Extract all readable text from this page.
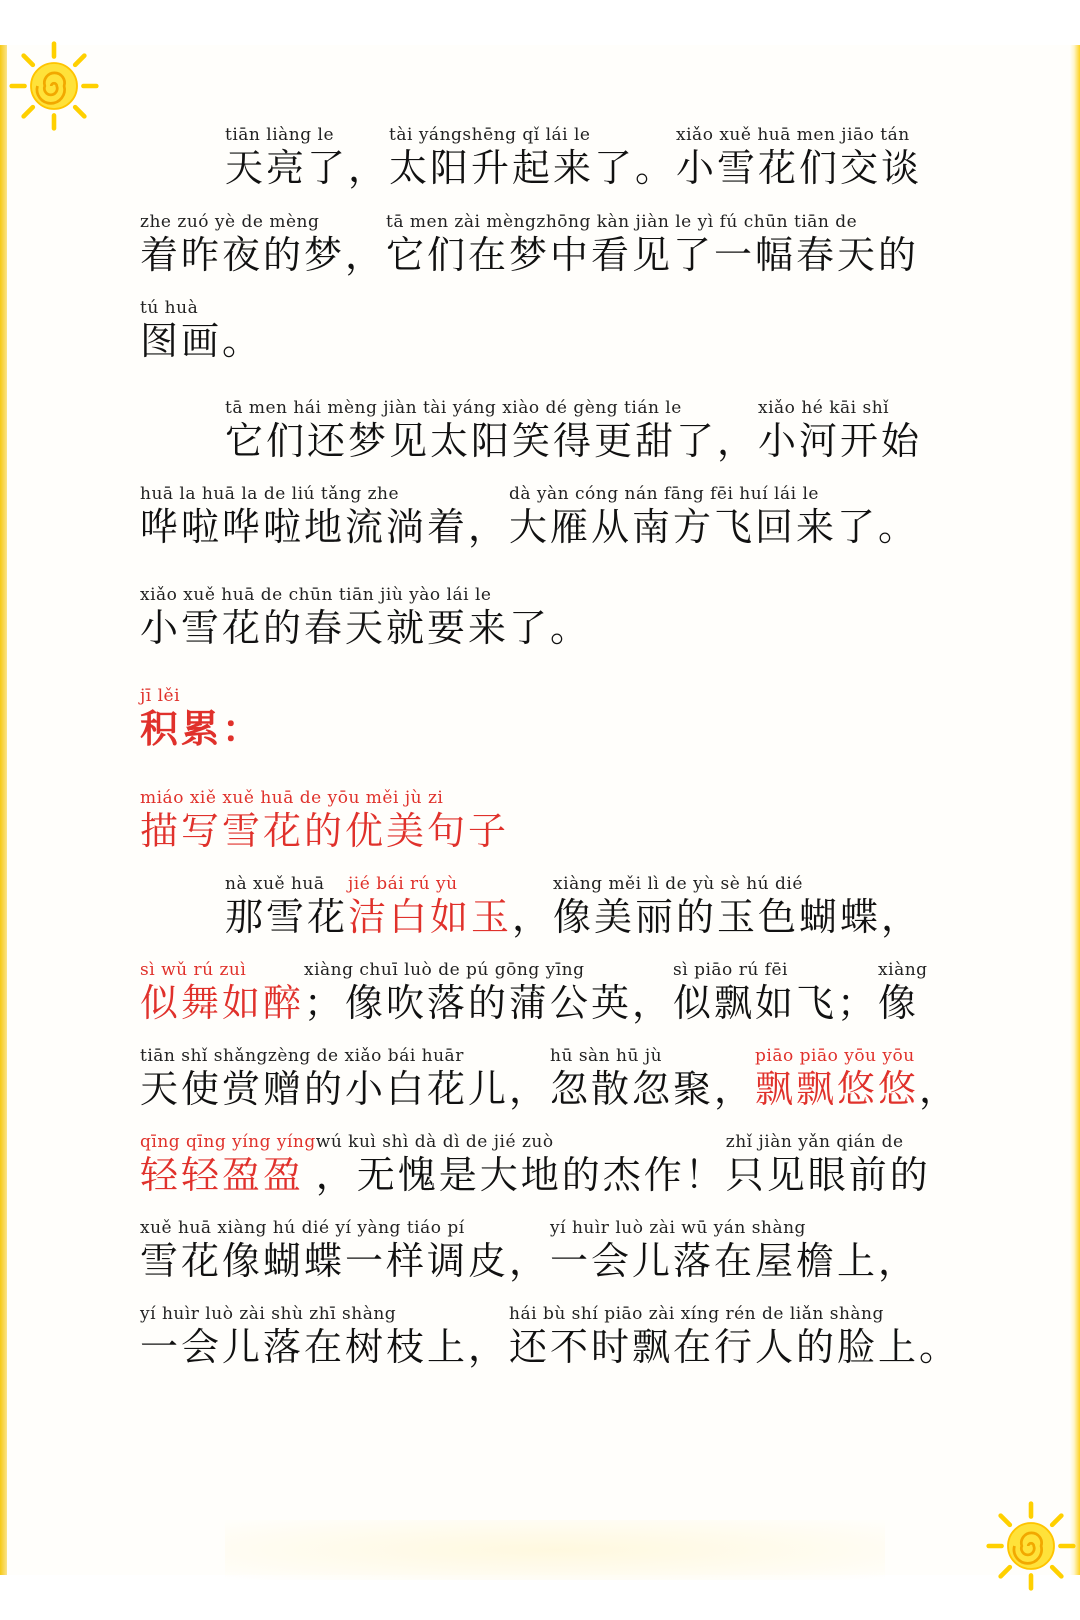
tiān liàng le
天亮了，
tài yángshēng qǐ lái le
太阳升起来了。
xiǎo xuě huā men jiāo tán
小雪花们交谈
zhe zuó yè de mèng
着昨夜的梦，
tā men zài mèngzhōng kàn jiàn le yì fú chūn tiān de
它们在梦中看见了一幅春天的
tú huà
图画。
tā men hái mèng jiàn tài yáng xiào dé gèng tián le
它们还梦见太阳笑得更甜了，
xiǎo hé kāi shǐ
小河开始
huā la huā la de liú tǎng zhe
哗啦哗啦地流淌着，
dà yàn cóng nán fāng fēi huí lái le
大雁从南方飞回来了。
xiǎo xuě huā de chūn tiān jiù yào lái le
小雪花的春天就要来了。
jī lěi
积累：
miáo xiě xuě huā de yōu měi jù zi
描写雪花的优美句子
nà xuě huā
那雪花
jié bái rú yù
洁白如玉 ，
xiàng měi lì de yù sè hú dié
像美丽的玉色蝴蝶，
sì wǔ rú zuì
似舞如醉
xiàng chuī luò de pú gōng yīng
；像吹落的蒲公英，
sì piāo rú fēi
似飘如飞；
xiàng
像
tiān shǐ shǎngzèng de xiǎo bái huār
天使赏赠的小白花儿，
hū sàn hū jù
忽散忽聚，
piāo piāo yōu yōu
飘飘悠悠 ，
qīng qīng yíng yíng
轻轻盈盈
wú kuì shì dà dì de jié zuò
，无愧是大地的杰作！
zhǐ jiàn yǎn qián de
只见眼前的
xuě huā xiàng hú dié yí yàng tiáo pí
雪花像蝴蝶一样调皮，
yí huìr luò zài wū yán shàng
一会儿落在屋檐上，
yí huìr luò zài shù zhī shàng
一会儿落在树枝上，
hái bù shí piāo zài xíng rén de liǎn shàng
还不时飘在行人的脸上。
